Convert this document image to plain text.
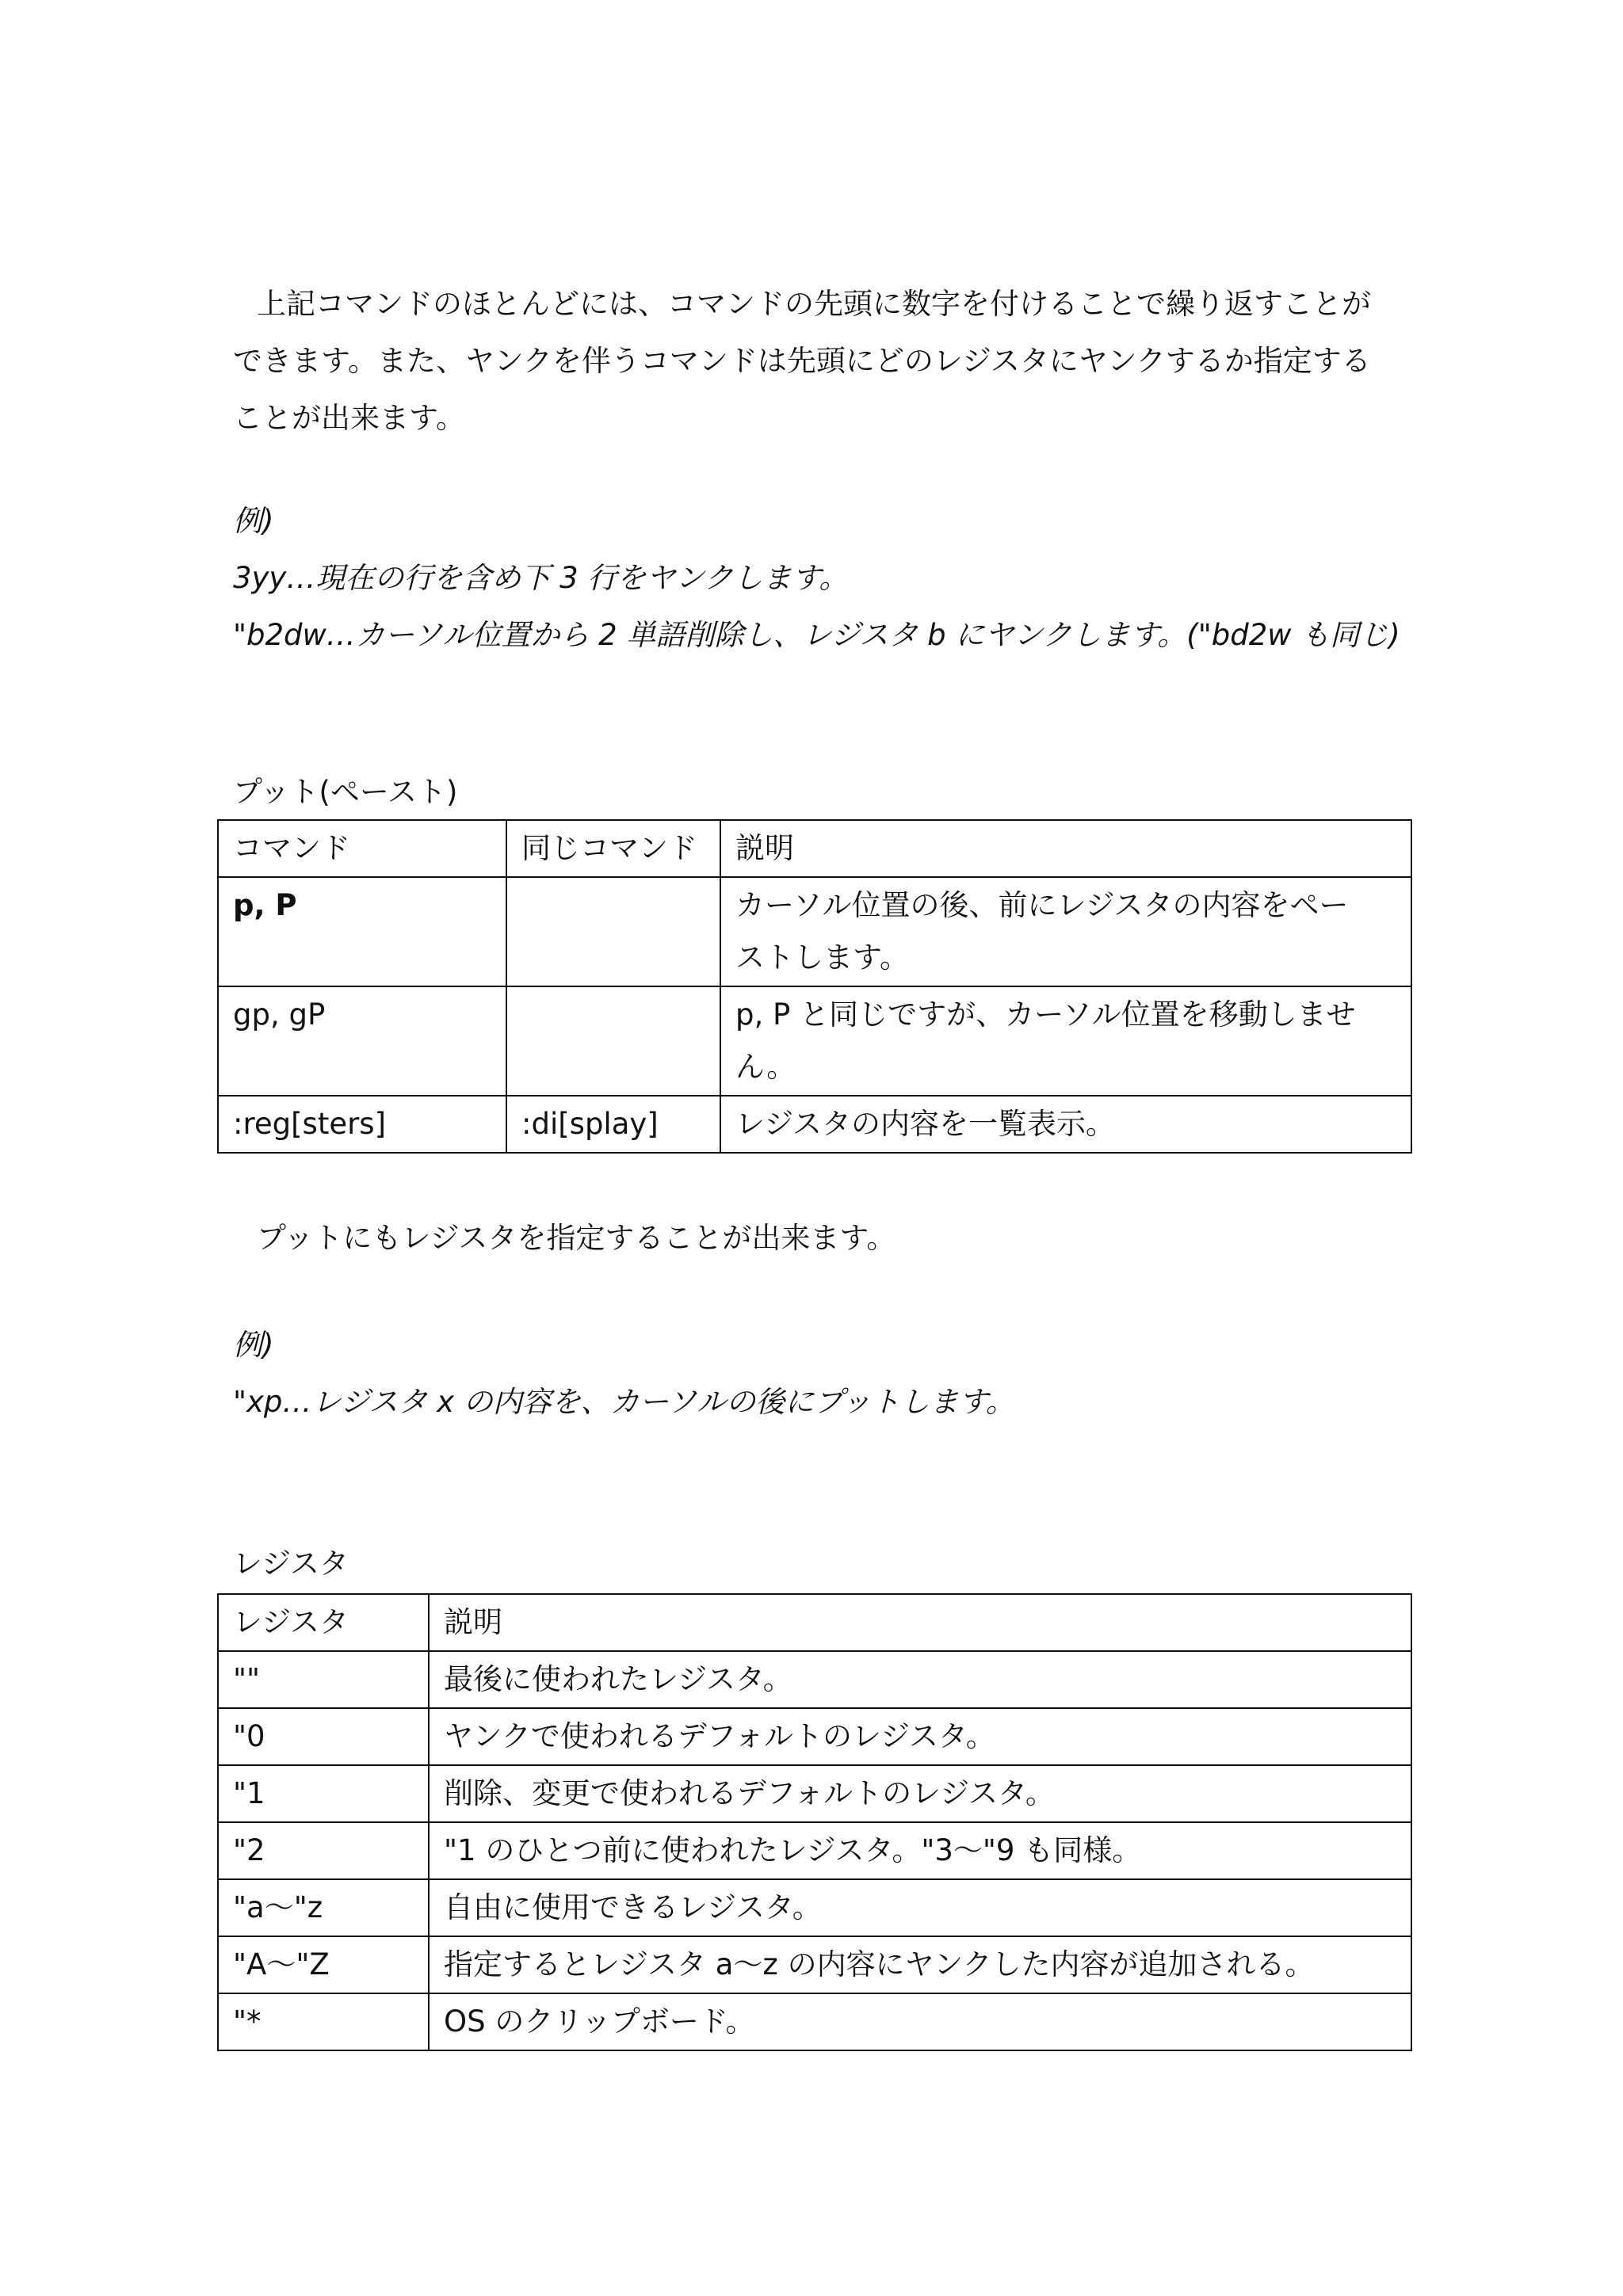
上記コマンドのほとんどには、コマンドの先頭に数字を付けることで繰り返すことが
できます。また、ヤンクを伴うコマンドは先頭にどのレジスタにヤンクするか指定する
ことが出来ます。
例)
3yy…現在の行を含め下 3 行をヤンクします。
"b2dw…カーソル位置から 2 単語削除し、レジスタ b にヤンクします。("bd2w も同じ)
プット(ペースト)
コマンド	同じコマンド	説明
p, P		カーソル位置の後、前にレジスタの内容をペー
ストします。

gp, gP		p, P と同じですが、カーソル位置を移動しませ
ん。

:reg[sters]	:di[splay]	レジスタの内容を一覧表示。
プットにもレジスタを指定することが出来ます。
例)
"xp…レジスタ x の内容を、カーソルの後にプットします。
レジスタ
レジスタ	説明
""	最後に使われたレジスタ。
"0	ヤンクで使われるデフォルトのレジスタ。
"1	削除、変更で使われるデフォルトのレジスタ。
"2	"1 のひとつ前に使われたレジスタ。"3～"9 も同様。
"a～"z	自由に使用できるレジスタ。
"A～"Z	指定するとレジスタ a～z の内容にヤンクした内容が追加される。
"*	OS のクリップボード。
